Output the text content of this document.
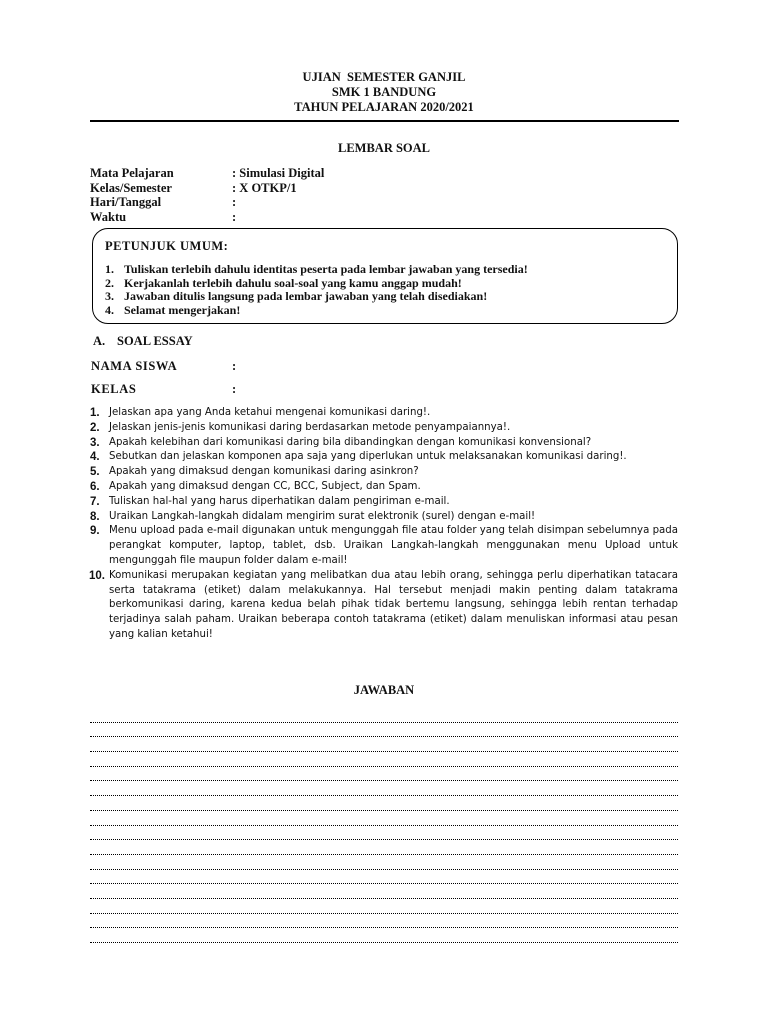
UJIAN  SEMESTER GANJIL
SMK 1 BANDUNG
TAHUN PELAJARAN 2020/2021
LEMBAR SOAL
Mata Pelajaran	: Simulasi Digital
Kelas/Semester	: X OTKP/1
Hari/Tanggal	:
Waktu	:
PETUNJUK UMUM:
1. Tuliskan terlebih dahulu identitas peserta pada lembar jawaban yang tersedia!
2. Kerjakanlah terlebih dahulu soal-soal yang kamu anggap mudah!
3. Jawaban ditulis langsung pada lembar jawaban yang telah disediakan!
4. Selamat mengerjakan!
A. SOAL ESSAY
NAMA SISWA	:
KELAS	:
1. Jelaskan apa yang Anda ketahui mengenai komunikasi daring!.
2. Jelaskan jenis-jenis komunikasi daring berdasarkan metode penyampaiannya!.
3. Apakah kelebihan dari komunikasi daring bila dibandingkan dengan komunikasi konvensional?
4. Sebutkan dan jelaskan komponen apa saja yang diperlukan untuk melaksanakan komunikasi daring!.
5. Apakah yang dimaksud dengan komunikasi daring asinkron?
6. Apakah yang dimaksud dengan CC, BCC, Subject, dan Spam.
7. Tuliskan hal-hal yang harus diperhatikan dalam pengiriman e-mail.
8. Uraikan Langkah-langkah didalam mengirim surat elektronik (surel) dengan e-mail!
9. Menu upload pada e-mail digunakan untuk mengunggah file atau folder yang telah disimpan sebelumnya pada perangkat komputer, laptop, tablet, dsb. Uraikan Langkah-langkah menggunakan menu Upload untuk mengunggah file maupun folder dalam e-mail!
10. Komunikasi merupakan kegiatan yang melibatkan dua atau lebih orang, sehingga perlu diperhatikan tatacara serta tatakrama (etiket) dalam melakukannya. Hal tersebut menjadi makin penting dalam tatakrama berkomunikasi daring, karena kedua belah pihak tidak bertemu langsung, sehingga lebih rentan terhadap terjadinya salah paham. Uraikan beberapa contoh tatakrama (etiket) dalam menuliskan informasi atau pesan yang kalian ketahui!
JAWABAN
